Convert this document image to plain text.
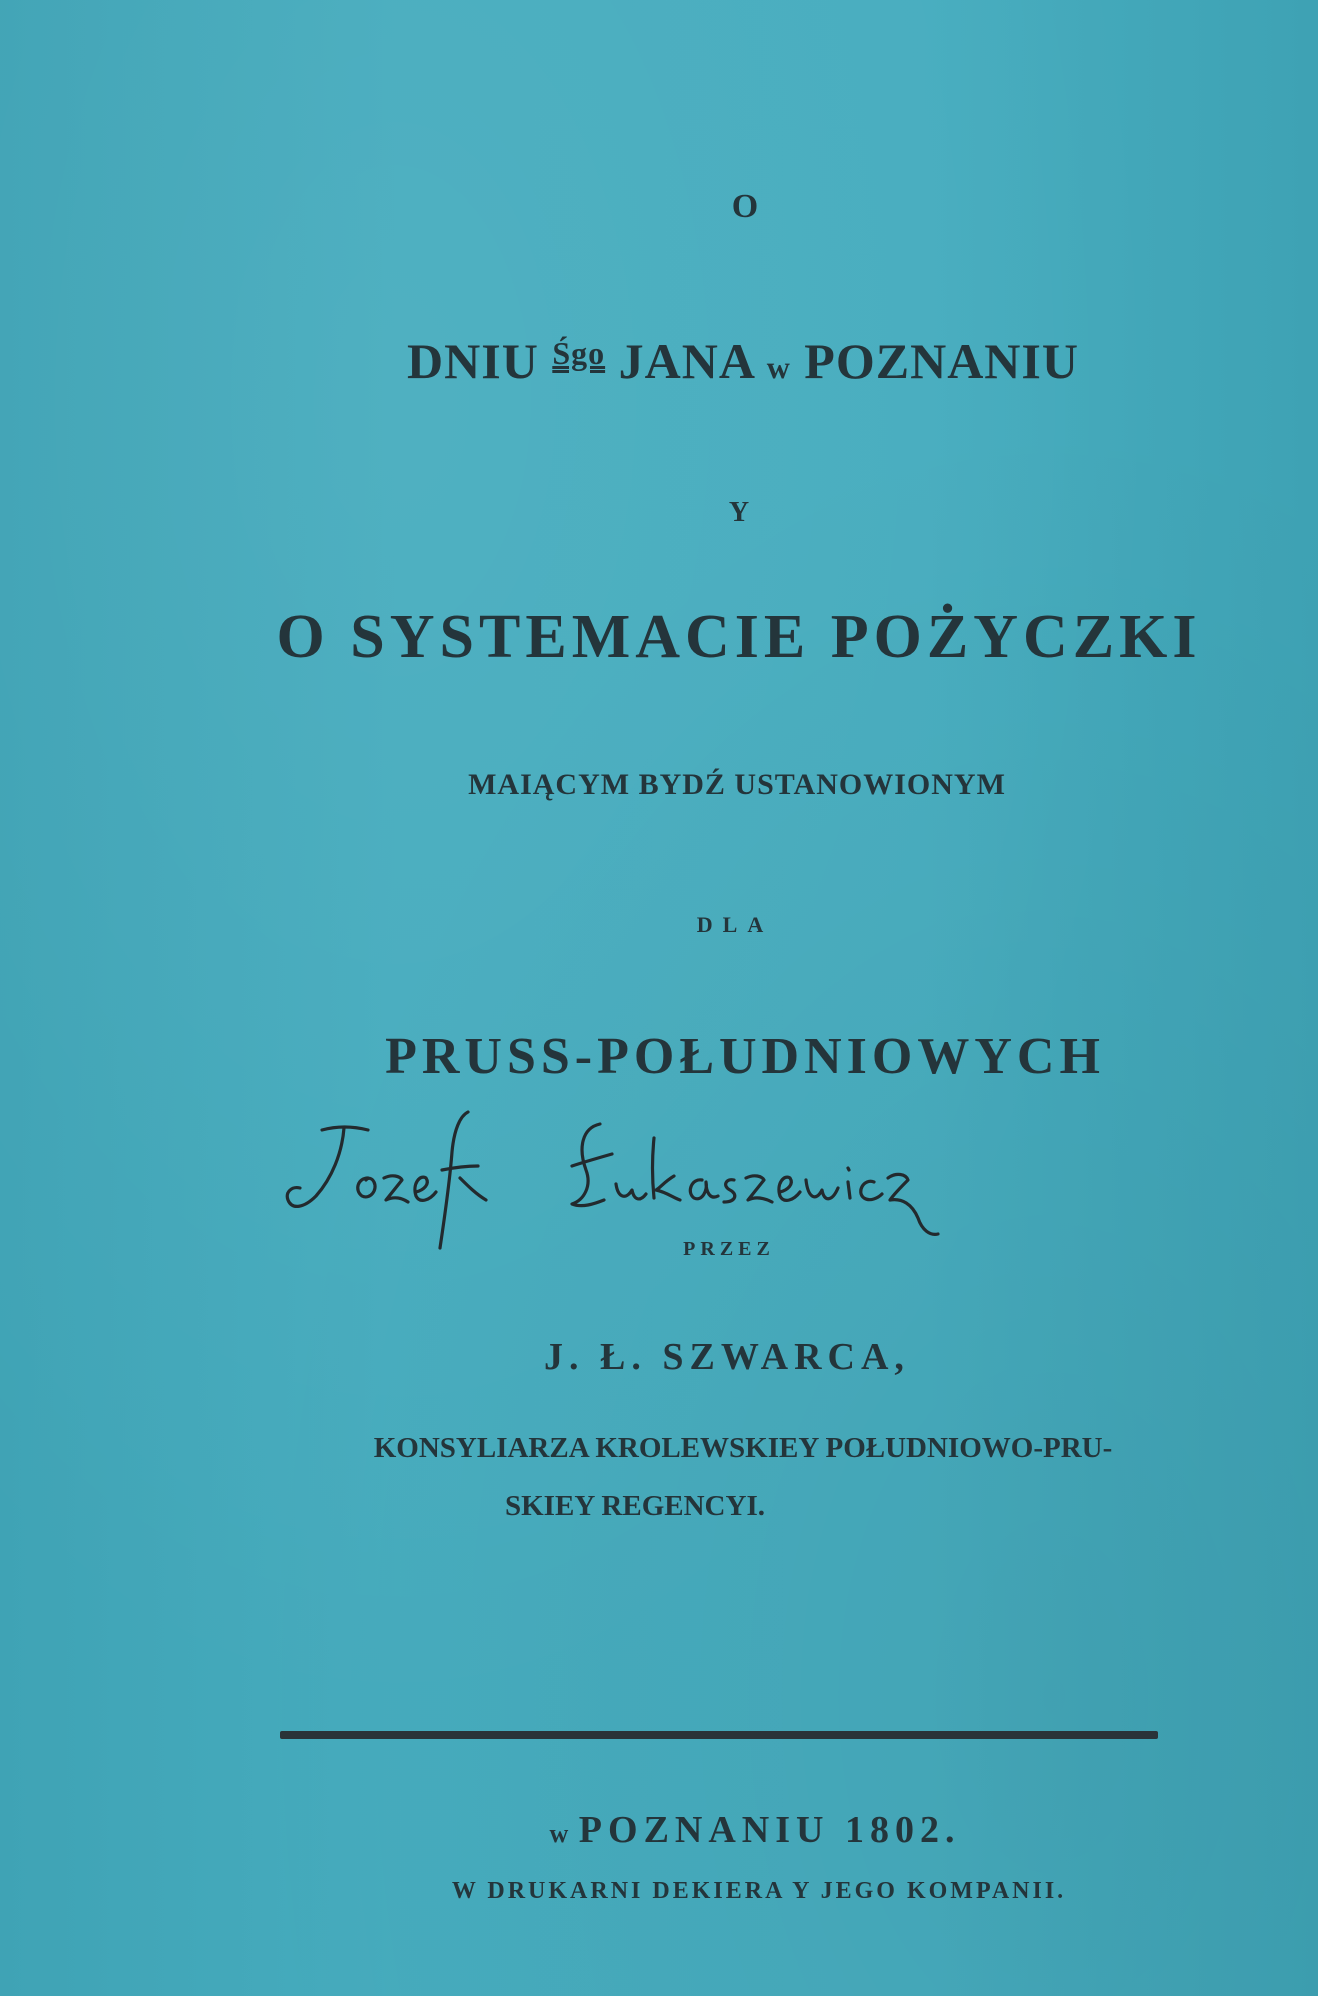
O
DNIU $^{Śgo}$ JANA w POZNANIU
Y
O SYSTEMACIE POŻYCZKI
MAIĄCYM BYDŹ USTANOWIONYM
DLA
PRUSS-POŁUDNIOWYCH
PRZEZ
J. Ł. SZWARCA,
KONSYLIARZA KROLEWSKIEY POŁUDNIOWO-PRU-
SKIEY REGENCYI.
w POZNANIU 1802.
W DRUKARNI DEKIERA Y JEGO KOMPANII.
